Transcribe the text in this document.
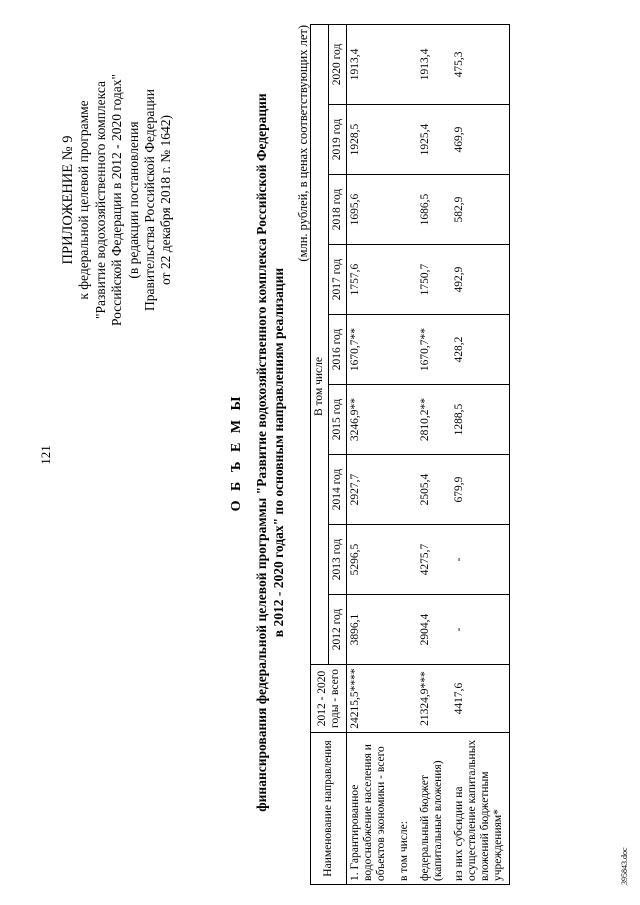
121
ПРИЛОЖЕНИЕ № 9 к федеральной целевой программе "Развитие водохозяйственного комплекса Российской Федерации в 2012 - 2020 годах" (в редакции постановления Правительства Российской Федерации от 22 декабря 2018 г. № 1642)
О Б Ъ Е М Ы финансирования федеральной целевой программы "Развитие водохозяйственного комплекса Российской Федерации в 2012 - 2020 годах" по основным направлениям реализации
(млн. рублей, в ценах соответствующих лет)
Наименование направления	2012 - 2020 годы - всего	В том числе								
		2012 год	2013 год	2014 год	2015 год	2016 год	2017 год	2018 год	2019 год	2020 год
1. Гарантированное водоснабжение населения и объектов экономики - всего	24215,5****	3896,1	5296,5	2927,7	3246,9**	1670,7**	1757,6	1695,6	1928,5	1913,4
в том числе:										
федеральный бюджет (капитальные вложения)	21324,9***	2904,4	4275,7	2505,4	2810,2**	1670,7**	1750,7	1686,5	1925,4	1913,4
из них субсидии на осуществление капитальных вложений бюджетным учреждениям*	4417,6	-	-	679,9	1288,5	428,2	492,9	582,9	469,9	475,3
395843.doc
